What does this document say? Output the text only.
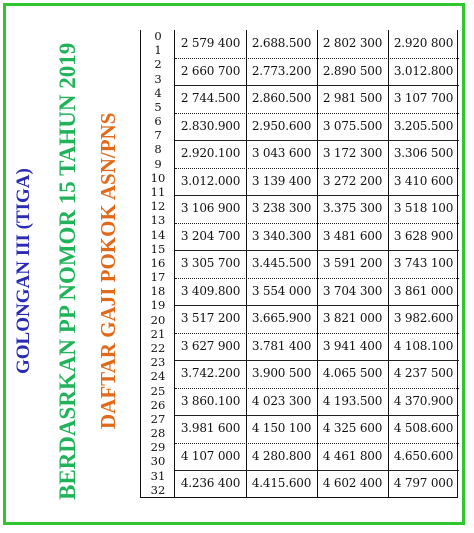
GOLONGAN III (TIGA) BERDASRKAN PP NOMOR 15 TAHUN 2019 DAFTAR GAJI POKOK ASN/PNS
0
1
2
3
4
5
6
7
8
9
10
11
12
13
14
15
16
17
18
19
20
21
22
23
24
25
26
27
28
29
30
31
32
2 579 400 2.688.500 2 802 300 2.920 800
2 660 700 2.773.200 2.890 500 3.012.800
2 744.500 2.860.500 2 981 500 3 107 700
2.830.900 2.950.600 3 075.500 3.205.500
2.920.100 3 043 600 3 172 300 3.306 500
3.012.000 3 139 400 3 272 200 3 410 600
3 106 900 3 238 300 3.375 300 3 518 100
3 204 700 3 340.300 3 481 600 3 628 900
3 305 700 3.445.500 3 591 200 3 743 100
3 409.800 3 554 000 3 704 300 3 861 000
3 517 200 3.665.900 3 821 000 3 982.600
3 627 900 3.781 400 3 941 400 4 108.100
3.742.200 3.900 500 4.065 500 4 237 500
3 860.100 4 023 300 4 193.500 4 370.900
3.981 600 4 150 100 4 325 600 4 508.600
4 107 000 4 280.800 4 461 800 4.650.600
4.236 400 4.415.600 4 602 400 4 797 000
